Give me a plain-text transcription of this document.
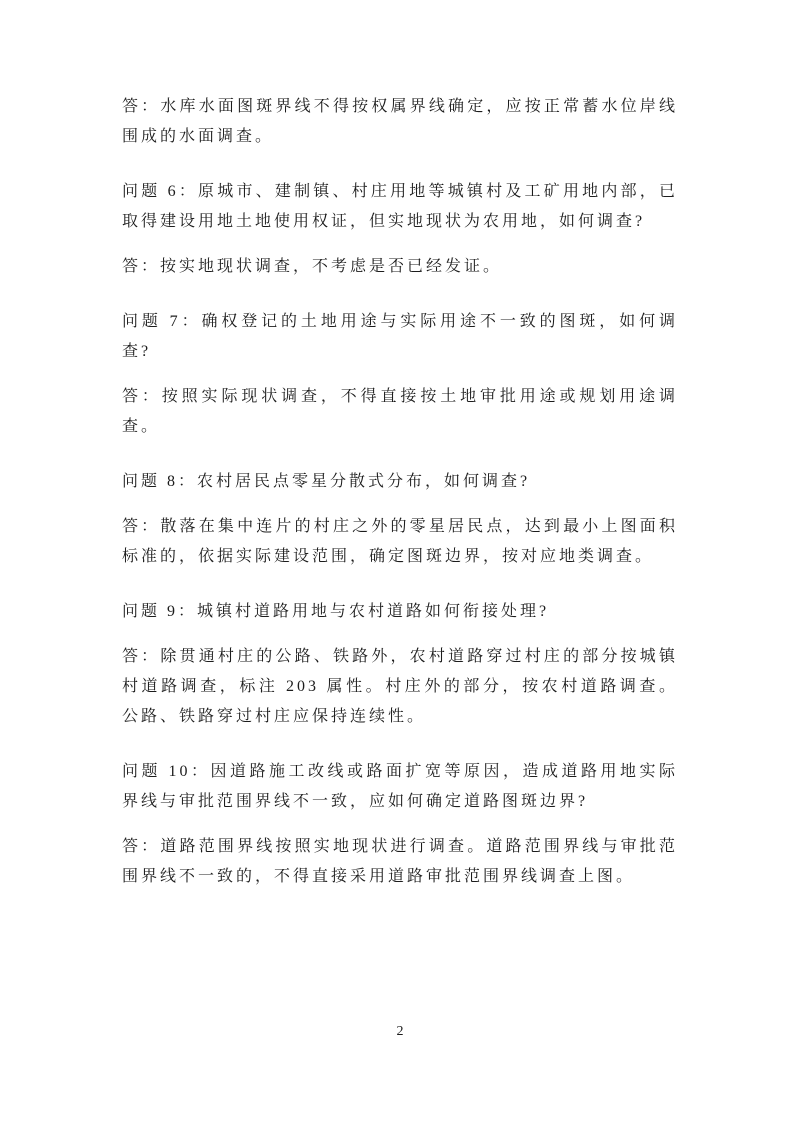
答：水库水面图斑界线不得按权属界线确定，应按正常蓄水位岸线围成的水面调查。

问题 6：原城市、建制镇、村庄用地等城镇村及工矿用地内部，已取得建设用地土地使用权证，但实地现状为农用地，如何调查?

答：按实地现状调查，不考虑是否已经发证。

问题 7：确权登记的土地用途与实际用途不一致的图斑，如何调查?

答：按照实际现状调查，不得直接按土地审批用途或规划用途调查。

问题 8：农村居民点零星分散式分布，如何调查?

答：散落在集中连片的村庄之外的零星居民点，达到最小上图面积标准的，依据实际建设范围，确定图斑边界，按对应地类调查。

问题 9：城镇村道路用地与农村道路如何衔接处理?

答：除贯通村庄的公路、铁路外，农村道路穿过村庄的部分按城镇村道路调查，标注 203 属性。村庄外的部分，按农村道路调查。公路、铁路穿过村庄应保持连续性。

问题 10：因道路施工改线或路面扩宽等原因，造成道路用地实际界线与审批范围界线不一致，应如何确定道路图斑边界?

答：道路范围界线按照实地现状进行调查。道路范围界线与审批范围界线不一致的，不得直接采用道路审批范围界线调查上图。

2
